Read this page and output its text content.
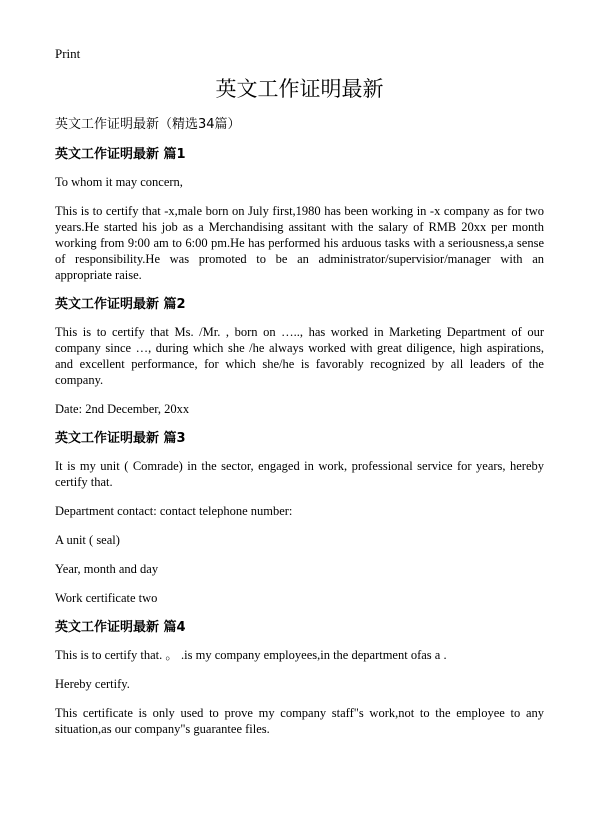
Print
英文工作证明最新
英文工作证明最新（精选34篇）
英文工作证明最新 篇1

To whom it may concern,

This is to certify that -x,male born on July first,1980 has been working in -x company as for two years.He started his job as a Merchandising assitant with the salary of RMB 20xx per month working from 9:00 am to 6:00 pm.He has performed his arduous tasks with a seriousness,a sense of responsibility.He was promoted to be an administrator/supervisior/manager with an appropriate raise.

英文工作证明最新 篇2

This is to certify that Ms. /Mr. , born on ….., has worked in Marketing Department of our company since …, during which she /he always worked with great diligence, high aspirations, and excellent performance, for which she/he is favorably recognized by all leaders of the company.

Date: 2nd December, 20xx

英文工作证明最新 篇3

It is my unit ( Comrade) in the sector, engaged in work, professional service for years, hereby certify that.

Department contact: contact telephone number:

A unit ( seal)

Year, month and day

Work certificate two

英文工作证明最新 篇4

This is to certify that. 。 .is my company employees,in the department ofas a .

Hereby certify.

This certificate is only used to prove my company staff"s work,not to the employee to any situation,as our company"s guarantee files.
